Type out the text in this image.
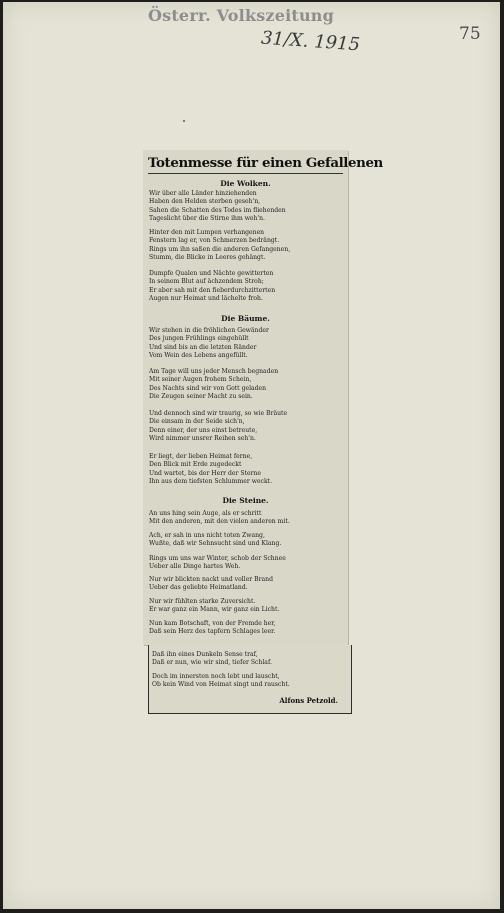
Österr. Volkszeitung
31/X. 1915	75
Totenmesse für einen Gefallenen
Die Wolken.
Wir über alle Länder hinziehenden
Haben den Helden sterben geseh'n,
Sahen die Schatten des Todes im fliehenden
Tageslicht über die Stirne ihm weh'n.
Hinter den mit Lumpen verhangenen
Fenstern lag er, von Schmerzen bedrängt.
Rings um ihn saßen die anderen Gefangenen,
Stumm, die Blicke in Leeres gehängt.
Dumpfe Qualen und Nächte gewitterten
In seinem Blut auf ächzendem Stroh;
Er aber sah mit den fieberdurchzitterten
Augen nur Heimat und lächelte froh.
Die Bäume.
Wir stehen in die fröhlichen Gewänder
Des jungen Frühlings eingehüllt
Und sind bis an die letzten Ränder
Vom Wein des Lebens angefüllt.
Am Tage will uns jeder Mensch begnaden
Mit seiner Augen frohem Schein,
Des Nachts sind wir von Gott geladen
Die Zeugen seiner Macht zu sein.
Und dennoch sind wir traurig, so wie Bräute
Die einsam in der Seide sich'n,
Denn einer, der uns einst betreute,
Wird nimmer unsrer Reihen seh'n.
Er liegt, der lieben Heimat ferne,
Den Blick mit Erde zugedeckt
Und wartet, bis der Herr der Sterne
Ihn aus dem tiefsten Schlummer weckt.
Die Steine.
An uns hing sein Auge, als er schritt
Mit den anderen, mit den vielen anderen mit.
Ach, er sah in uns nicht toten Zwang,
Wußte, daß wir Sehnsucht sind und Klang.
Rings um uns war Winter, schob der Schnee
Ueber alle Dinge hartes Weh.
Nur wir blickten nackt und voller Brand
Ueber das geliebte Heimatland.
Nur wir fühlten starke Zuversicht.
Er war ganz ein Mann, wir ganz ein Licht.
Nun kam Botschaft, von der Fremde her,
Daß sein Herz des tapfern Schlages leer.
Daß ihn eines Dunkeln Sense traf,
Daß er nun, wie wir sind, tiefer Schlaf.
Doch im innersten noch lebt und lauscht,
Ob kein Wind von Heimat singt und rauscht.
Alfons Petzold.
